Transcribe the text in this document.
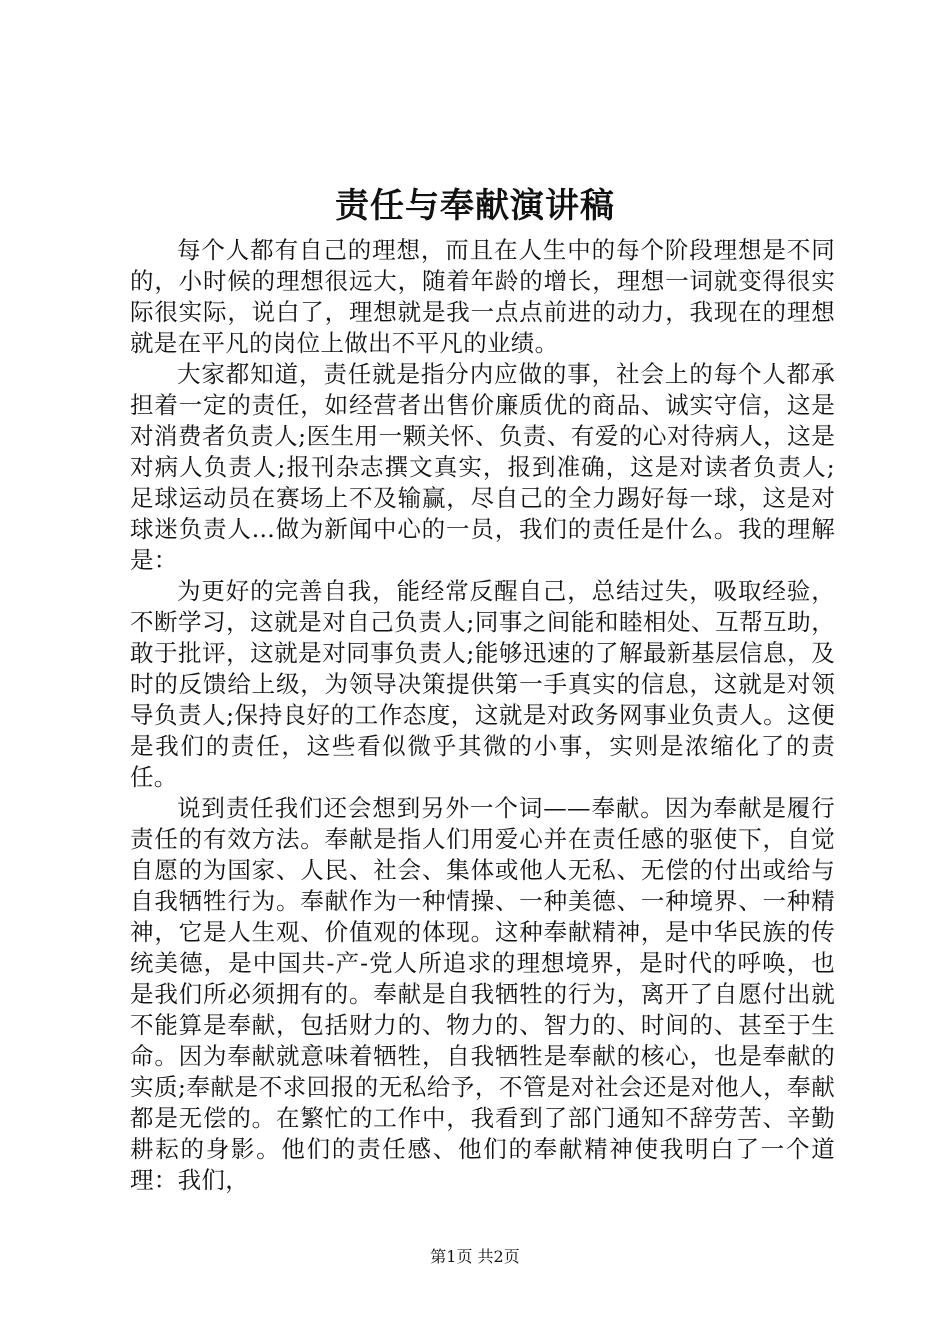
责任与奉献演讲稿

每个人都有自己的理想，而且在人生中的每个阶段理想是不同的，小时候的理想很远大，随着年龄的增长，理想一词就变得很实际很实际，说白了，理想就是我一点点前进的动力，我现在的理想就是在平凡的岗位上做出不平凡的业绩。

大家都知道，责任就是指分内应做的事，社会上的每个人都承担着一定的责任，如经营者出售价廉质优的商品、诚实守信，这是对消费者负责人;医生用一颗关怀、负责、有爱的心对待病人，这是对病人负责人;报刊杂志撰文真实，报到准确，这是对读者负责人;足球运动员在赛场上不及输赢，尽自己的全力踢好每一球，这是对球迷负责人...做为新闻中心的一员，我们的责任是什么。我的理解是：

为更好的完善自我，能经常反醒自己，总结过失，吸取经验，不断学习，这就是对自己负责人;同事之间能和睦相处、互帮互助，敢于批评，这就是对同事负责人;能够迅速的了解最新基层信息，及时的反馈给上级，为领导决策提供第一手真实的信息，这就是对领导负责人;保持良好的工作态度，这就是对政务网事业负责人。这便是我们的责任，这些看似微乎其微的小事，实则是浓缩化了的责任。

说到责任我们还会想到另外一个词——奉献。因为奉献是履行责任的有效方法。奉献是指人们用爱心并在责任感的驱使下，自觉自愿的为国家、人民、社会、集体或他人无私、无偿的付出或给与自我牺牲行为。奉献作为一种情操、一种美德、一种境界、一种精神，它是人生观、价值观的体现。这种奉献精神，是中华民族的传统美德，是中国共-产-党人所追求的理想境界，是时代的呼唤，也是我们所必须拥有的。奉献是自我牺牲的行为，离开了自愿付出就不能算是奉献，包括财力的、物力的、智力的、时间的、甚至于生命。因为奉献就意味着牺牲，自我牺牲是奉献的核心，也是奉献的实质;奉献是不求回报的无私给予，不管是对社会还是对他人，奉献都是无偿的。在繁忙的工作中，我看到了部门通知不辞劳苦、辛勤耕耘的身影。他们的责任感、他们的奉献精神使我明白了一个道理：我们，

第1页 共2页
